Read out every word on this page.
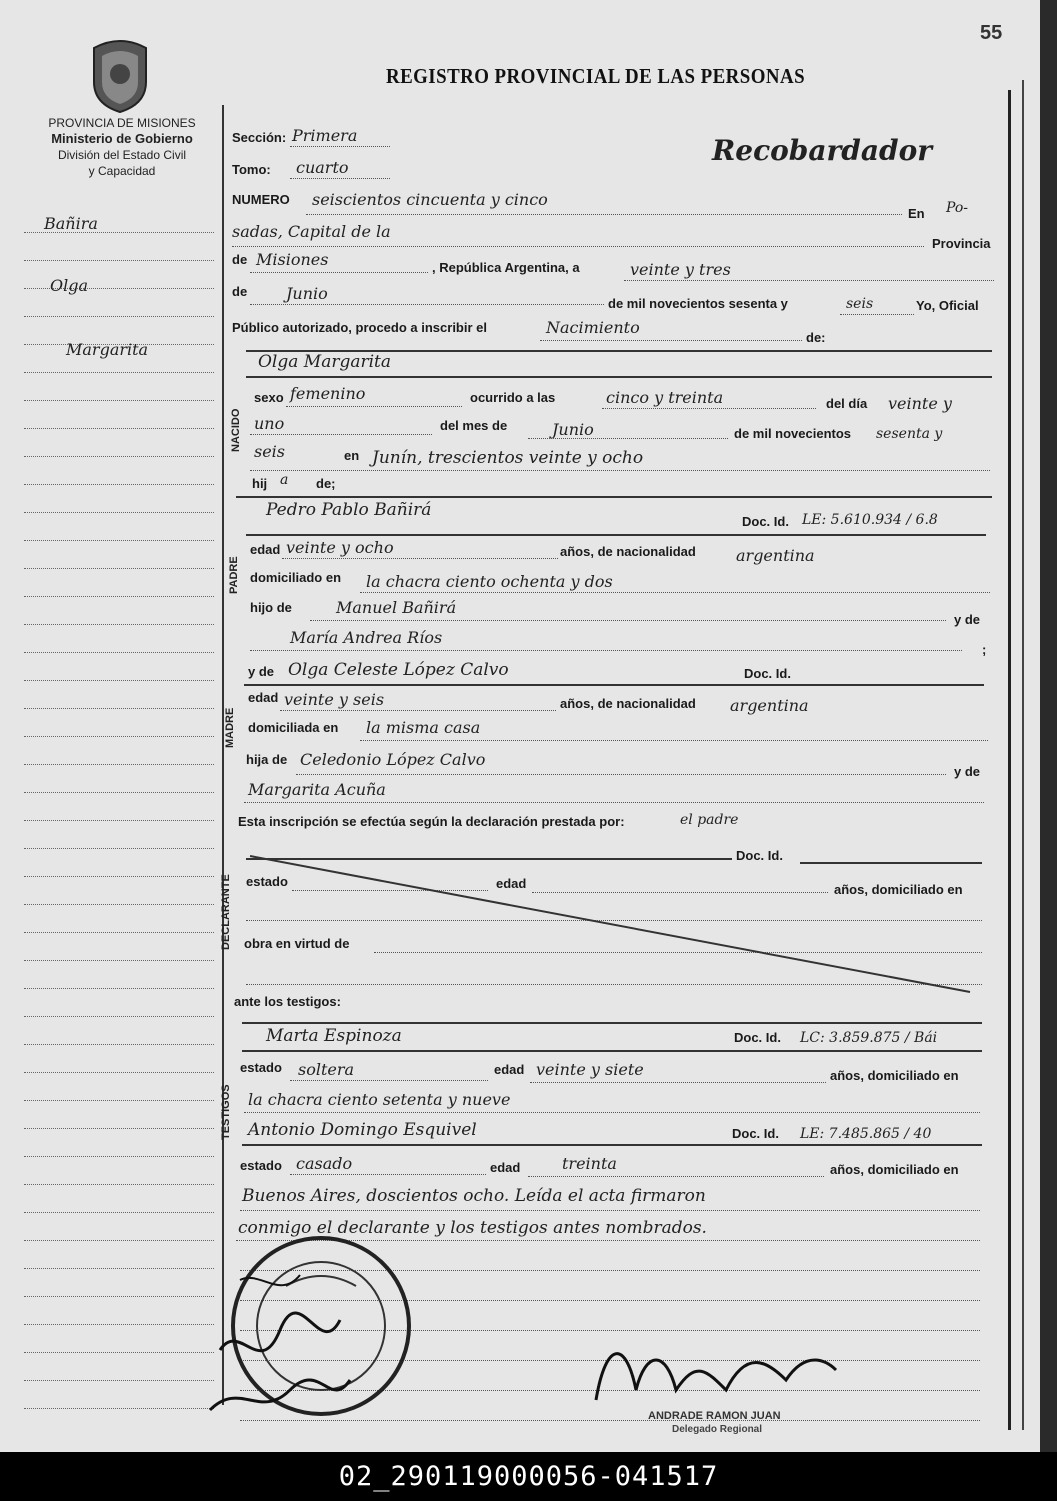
PROVINCIA DE MISIONES
Ministerio de Gobierno
División del Estado Civil
y Capacidad
REGISTRO PROVINCIAL DE LAS PERSONAS
55
Recobardador
Bañira
Olga
Margarita
Sección: Primera
Tomo: cuarto
NUMERO seiscientos cincuenta y cinco
En Po-
sadas, Capital de la
Provincia
de Misiones	, República Argentina, a	veinte y tres
de Junio
de mil novecientos sesenta y	seis	Yo, Oficial
Público autorizado, procedo a inscribir el	Nacimiento
de:
NACIDO
Olga Margarita
sexo femenino	ocurrido a las	cinco y treinta	del día veinte y
uno	del mes de	Junio	de mil novecientos sesenta y
seis	en Junín, trescientos veinte y ocho
hij a de;
PADRE
Pedro Pablo Bañirá
Doc. Id. LE: 5.610.934 / 6.8
edad veinte y ocho	años, de nacionalidad	argentina
domiciliado en la chacra ciento ochenta y dos
hijo de	Manuel Bañirá
y de
María Andrea Ríos
;
MADRE
y de Olga Celeste López Calvo	Doc. Id.
edad veinte y seis	años, de nacionalidad argentina
domiciliada en la misma casa
hija de Celedonio López Calvo
y de
Margarita Acuña
Esta inscripción se efectúa según la declaración prestada por:	el padre
DECLARANTE
Doc. Id.
estado	edad	años, domiciliado en
obra en virtud de
ante los testigos:
TESTIGOS
Marta Espinoza	Doc. Id. LC: 3.859.875 / Bái
estado soltera	edad veinte y siete	años, domiciliado en
la chacra ciento setenta y nueve
Antonio Domingo Esquivel	Doc. Id. LE: 7.485.865 / 40
estado casado	edad	treinta	años, domiciliado en
Buenos Aires, doscientos ocho. Leída el acta firmaron
conmigo el declarante y los testigos antes nombrados.
ANDRADE RAMON JUAN
Delegado Regional
02_290119000056-041517
